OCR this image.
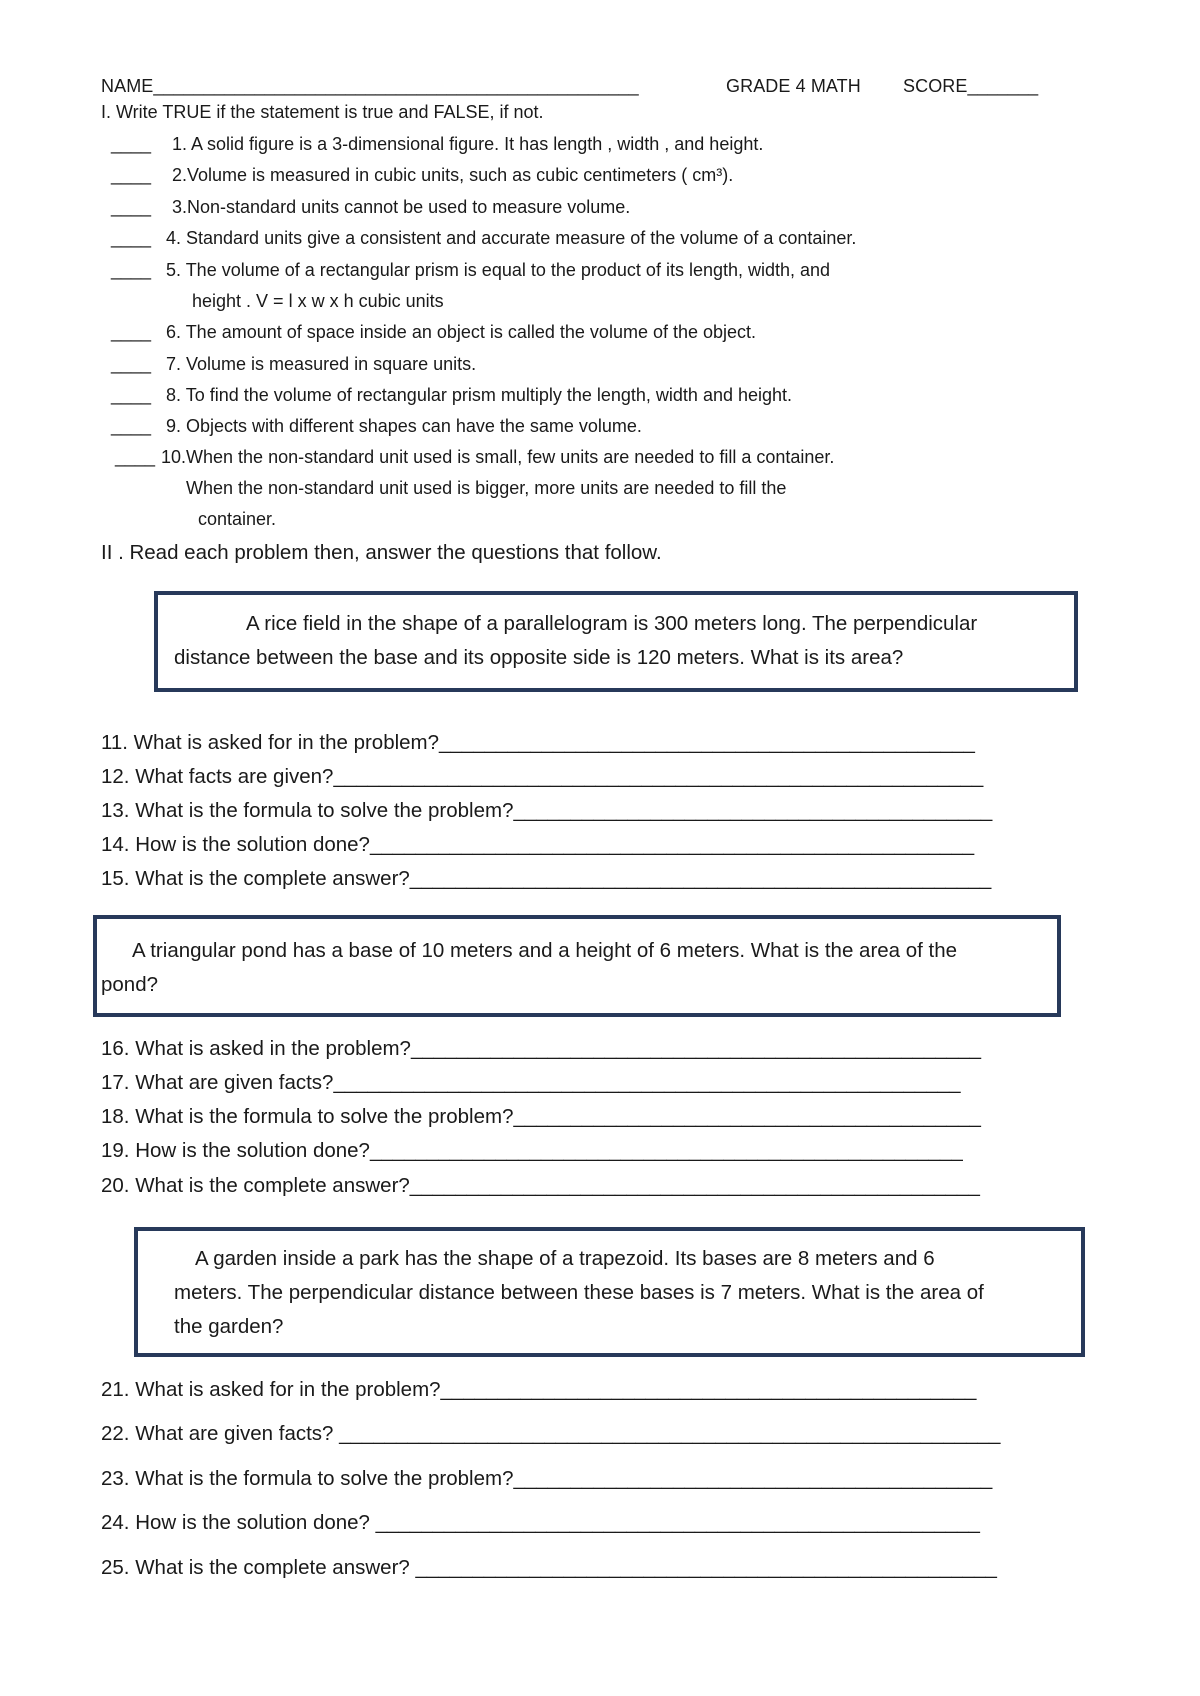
NAME________________________________________________	GRADE 4 MATH SCORE_______
I. Write TRUE if the statement is true and FALSE, if not.
____ 1. A solid figure is a 3-dimensional figure. It has length , width , and height.
____ 2.Volume is measured in cubic units, such as cubic centimeters ( cm³).
____ 3.Non-standard units cannot be used to measure volume.
____ 4. Standard units give a consistent and accurate measure of the volume of a container.
____ 5. The volume of a rectangular prism is equal to the product of its length, width, and
height . V = l x w x h cubic units
____ 6. The amount of space inside an object is called the volume of the object.
____ 7. Volume is measured in square units.
____ 8. To find the volume of rectangular prism multiply the length, width and height.
____ 9. Objects with different shapes can have the same volume.
____ 10.When the non-standard unit used is small, few units are needed to fill a container.
When the non-standard unit used is bigger, more units are needed to fill the
container.
II . Read each problem then, answer the questions that follow.
A rice field in the shape of a parallelogram is 300 meters long. The perpendicular
distance between the base and its opposite side is 120 meters. What is its area?
11. What is asked for in the problem?_______________________________________________
12. What facts are given?_________________________________________________________
13. What is the formula to solve the problem?__________________________________________
14. How is the solution done?_____________________________________________________
15. What is the complete answer?___________________________________________________
A triangular pond has a base of 10 meters and a height of 6 meters. What is the area of the
pond?
16. What is asked in the problem?__________________________________________________
17. What are given facts?_______________________________________________________
18. What is the formula to solve the problem?_________________________________________
19. How is the solution done?____________________________________________________
20. What is the complete answer?__________________________________________________
A garden inside a park has the shape of a trapezoid. Its bases are 8 meters and 6
meters. The perpendicular distance between these bases is 7 meters. What is the area of
the garden?
21. What is asked for in the problem?_______________________________________________
22. What are given facts? __________________________________________________________
23. What is the formula to solve the problem?__________________________________________
24. How is the solution done? _____________________________________________________
25. What is the complete answer? ___________________________________________________
